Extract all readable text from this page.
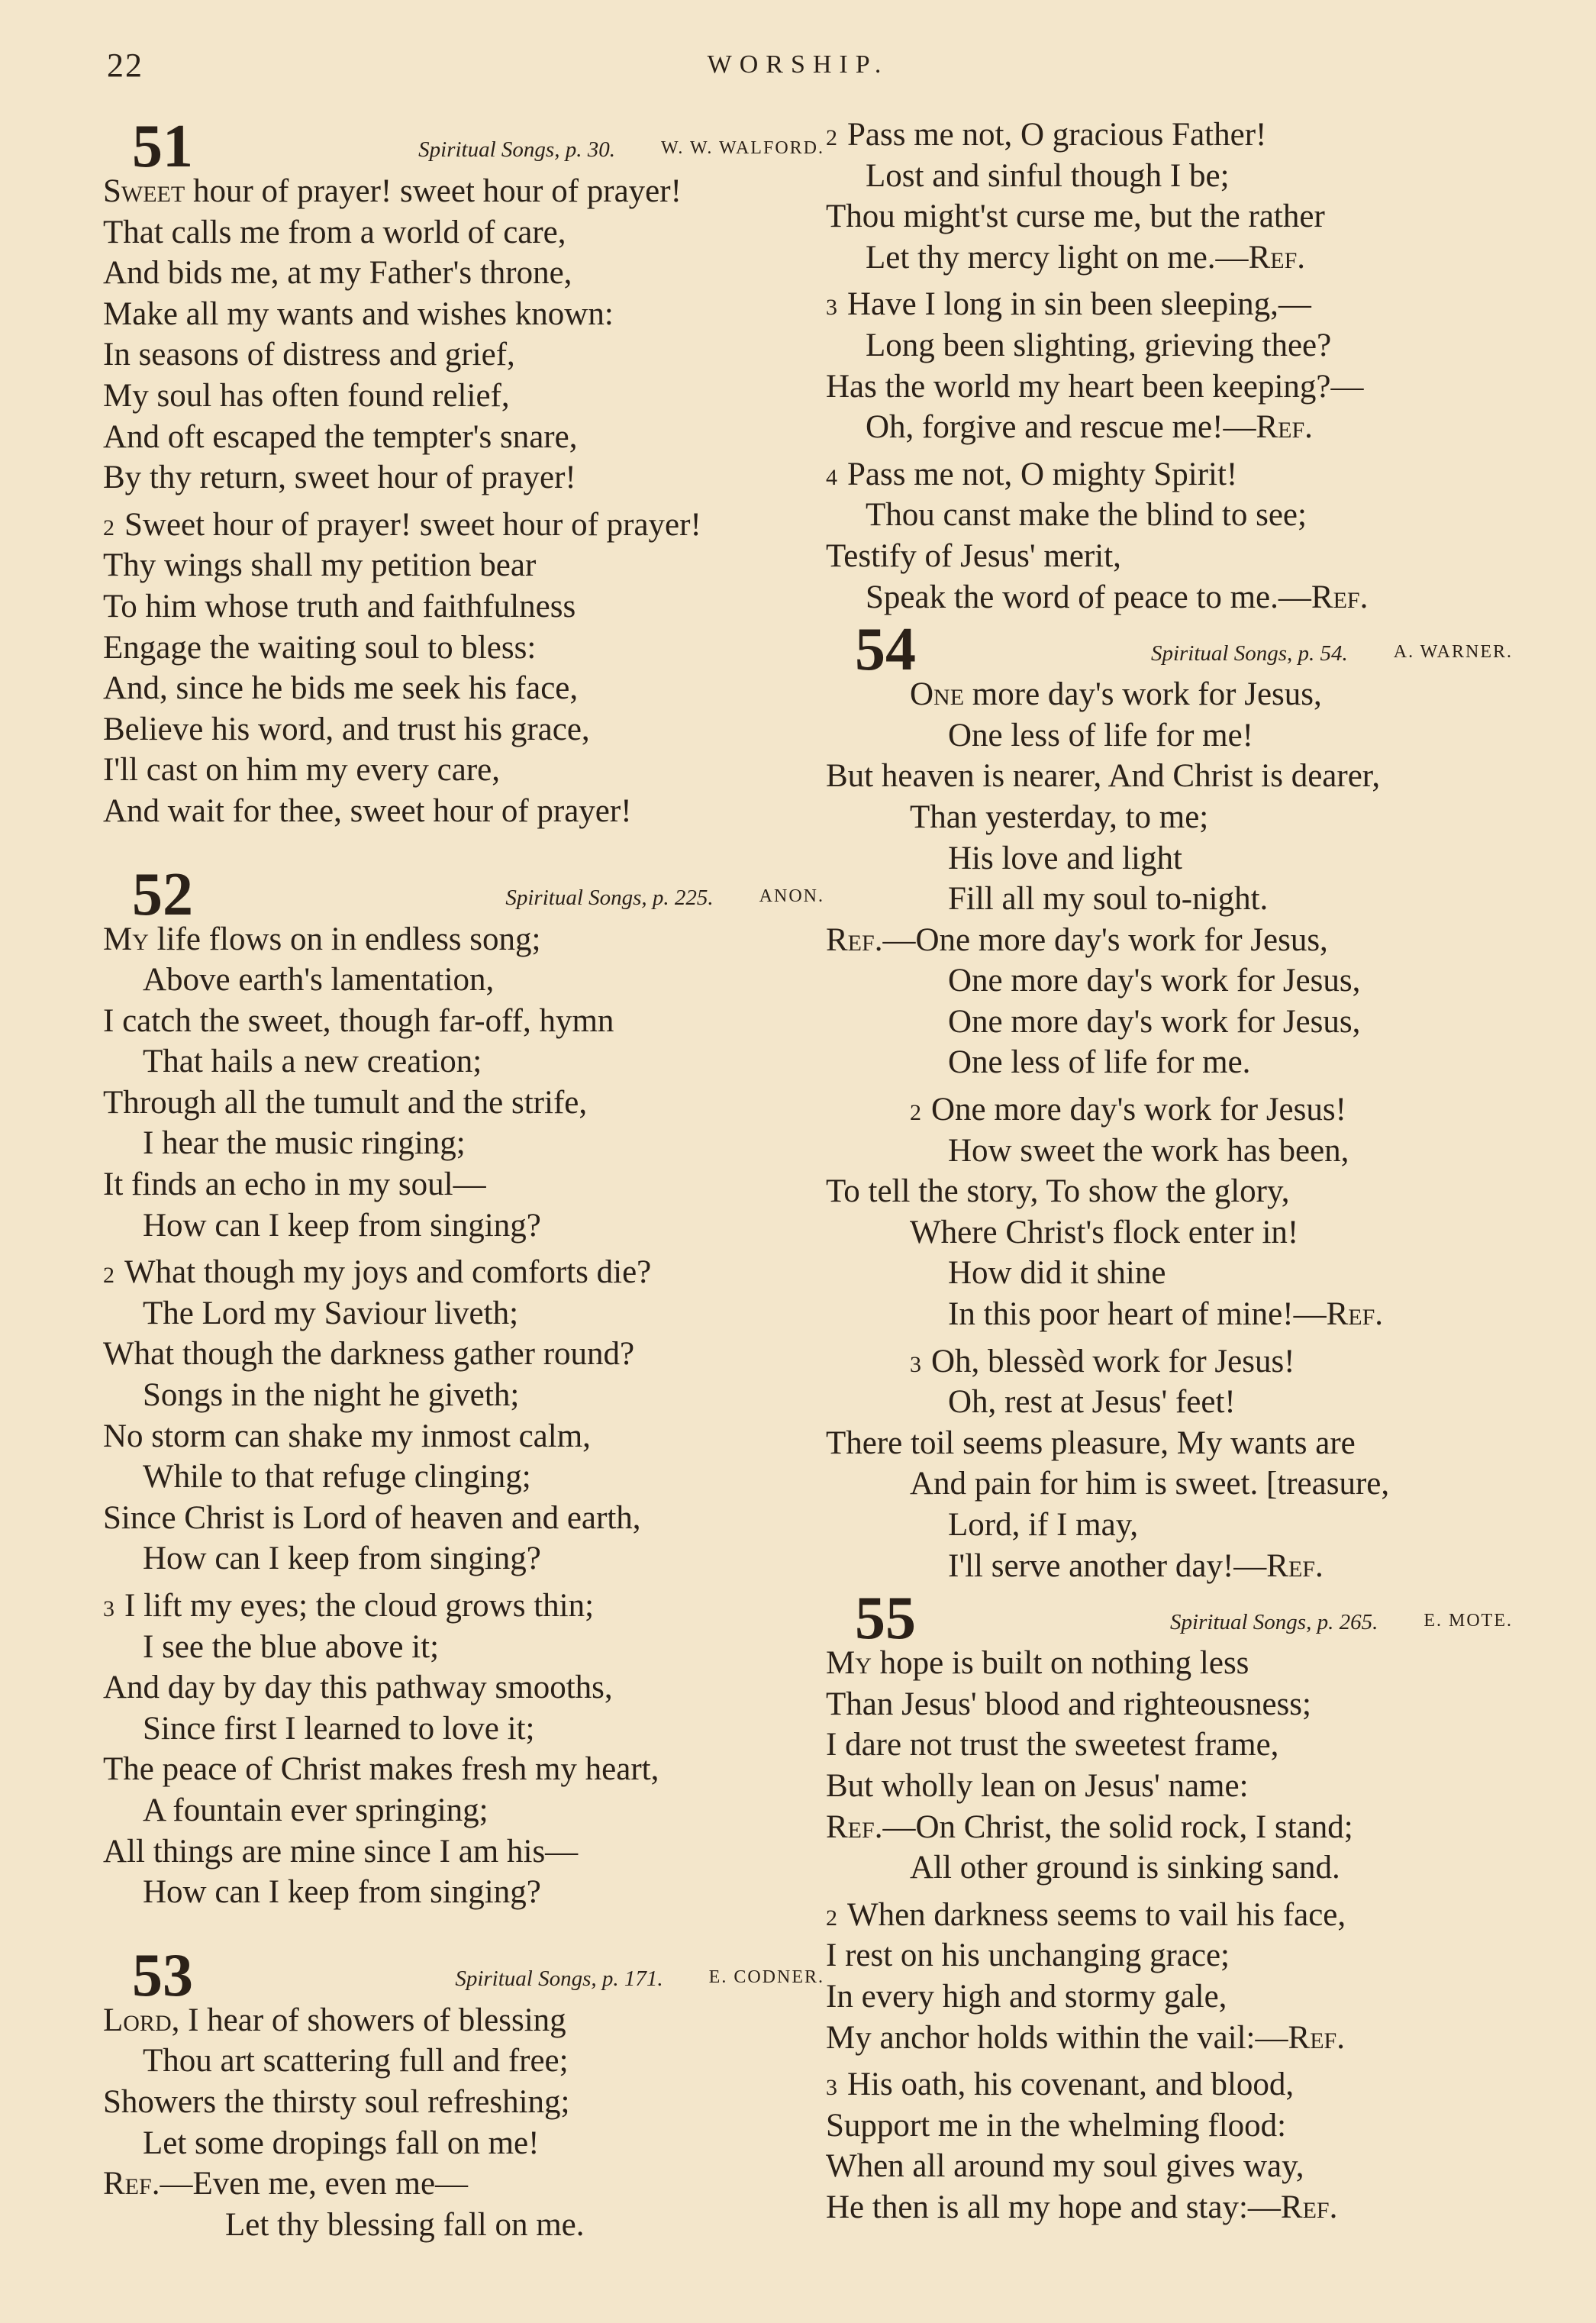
22	WORSHIP.
51	Spiritual Songs, p. 30.	W. W. WALFORD.
Sweet hour of prayer! sweet hour of prayer!
That calls me from a world of care,
And bids me, at my Father's throne,
Make all my wants and wishes known:
In seasons of distress and grief,
My soul has often found relief,
And oft escaped the tempter's snare,
By thy return, sweet hour of prayer!
2 Sweet hour of prayer! sweet hour of prayer!
Thy wings shall my petition bear
To him whose truth and faithfulness
Engage the waiting soul to bless:
And, since he bids me seek his face,
Believe his word, and trust his grace,
I'll cast on him my every care,
And wait for thee, sweet hour of prayer!
52	Spiritual Songs, p. 225.	ANON.
My life flows on in endless song;
Above earth's lamentation,
I catch the sweet, though far-off, hymn
That hails a new creation;
Through all the tumult and the strife,
I hear the music ringing;
It finds an echo in my soul—
How can I keep from singing?
2 What though my joys and comforts die?
The Lord my Saviour liveth;
What though the darkness gather round?
Songs in the night he giveth;
No storm can shake my inmost calm,
While to that refuge clinging;
Since Christ is Lord of heaven and earth,
How can I keep from singing?
3 I lift my eyes; the cloud grows thin;
I see the blue above it;
And day by day this pathway smooths,
Since first I learned to love it;
The peace of Christ makes fresh my heart,
A fountain ever springing;
All things are mine since I am his—
How can I keep from singing?
53	Spiritual Songs, p. 171.	E. CODNER.
Lord, I hear of showers of blessing
Thou art scattering full and free;
Showers the thirsty soul refreshing;
Let some dropings fall on me!
Ref.—Even me, even me—
Let thy blessing fall on me.
2 Pass me not, O gracious Father!
Lost and sinful though I be;
Thou might'st curse me, but the rather
Let thy mercy light on me.—Ref.
3 Have I long in sin been sleeping,—
Long been slighting, grieving thee?
Has the world my heart been keeping?—
Oh, forgive and rescue me!—Ref.
4 Pass me not, O mighty Spirit!
Thou canst make the blind to see;
Testify of Jesus' merit,
Speak the word of peace to me.—Ref.
54	Spiritual Songs, p. 54.	A. WARNER.
One more day's work for Jesus,
One less of life for me!
But heaven is nearer, And Christ is dearer,
Than yesterday, to me;
His love and light
Fill all my soul to-night.
Ref.—One more day's work for Jesus,
One more day's work for Jesus,
One more day's work for Jesus,
One less of life for me.
2 One more day's work for Jesus!
How sweet the work has been,
To tell the story, To show the glory,
Where Christ's flock enter in!
How did it shine
In this poor heart of mine!—Ref.
3 Oh, blessèd work for Jesus!
Oh, rest at Jesus' feet!
There toil seems pleasure, My wants are
And pain for him is sweet. [treasure,
Lord, if I may,
I'll serve another day!—Ref.
55	Spiritual Songs, p. 265.	E. MOTE.
My hope is built on nothing less
Than Jesus' blood and righteousness;
I dare not trust the sweetest frame,
But wholly lean on Jesus' name:
Ref.—On Christ, the solid rock, I stand;
All other ground is sinking sand.
2 When darkness seems to vail his face,
I rest on his unchanging grace;
In every high and stormy gale,
My anchor holds within the vail:—Ref.
3 His oath, his covenant, and blood,
Support me in the whelming flood:
When all around my soul gives way,
He then is all my hope and stay:—Ref.
